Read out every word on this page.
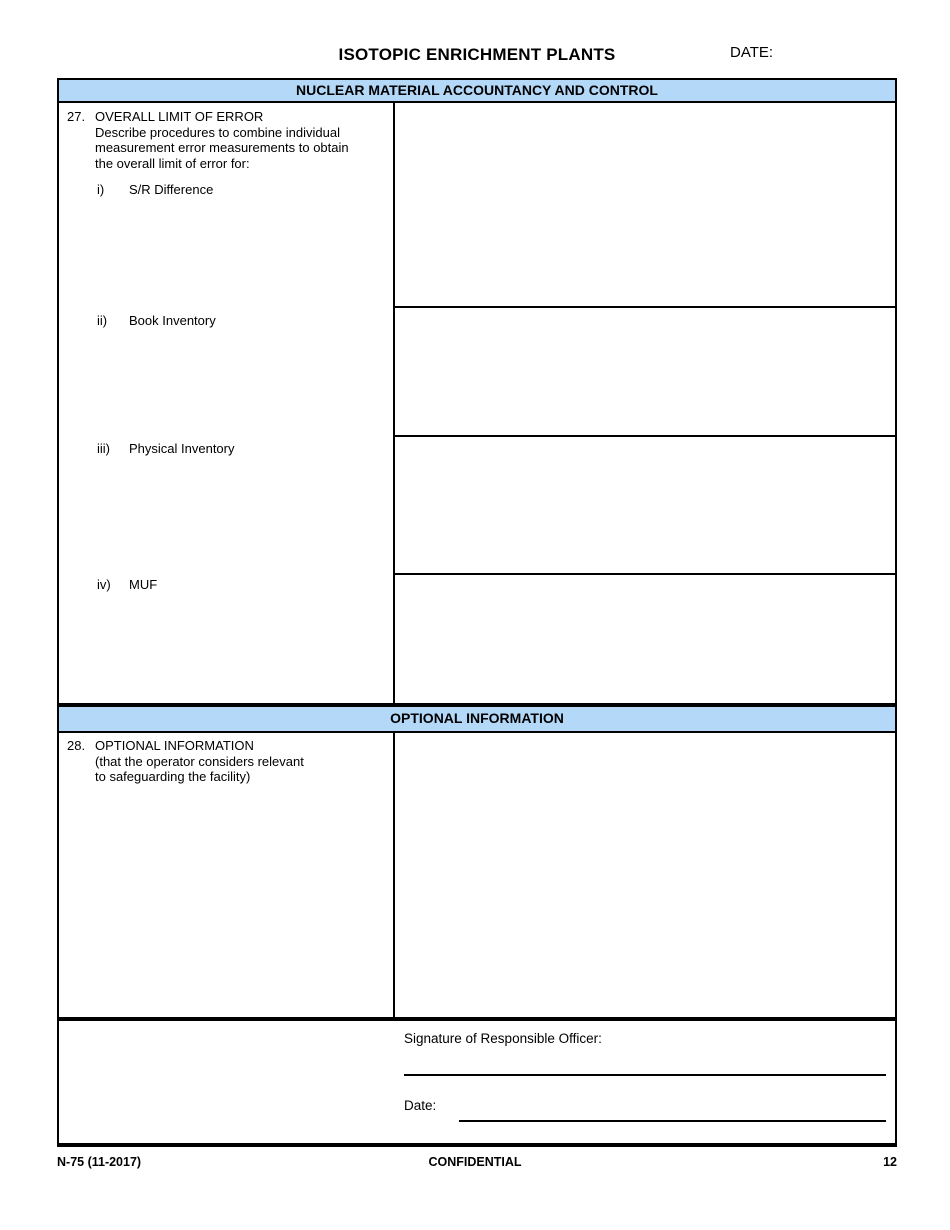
ISOTOPIC ENRICHMENT PLANTS	DATE:
NUCLEAR MATERIAL ACCOUNTANCY AND CONTROL
27. OVERALL LIMIT OF ERROR
Describe procedures to combine individual
measurement error measurements to obtain
the overall limit of error for:
i)	S/R Difference
ii)	Book Inventory
iii)	Physical Inventory
iv)	MUF
OPTIONAL INFORMATION
28. OPTIONAL INFORMATION
(that the operator considers relevant
to safeguarding the facility)
Signature of Responsible Officer:
Date:
N-75 (11-2017)	CONFIDENTIAL	12
